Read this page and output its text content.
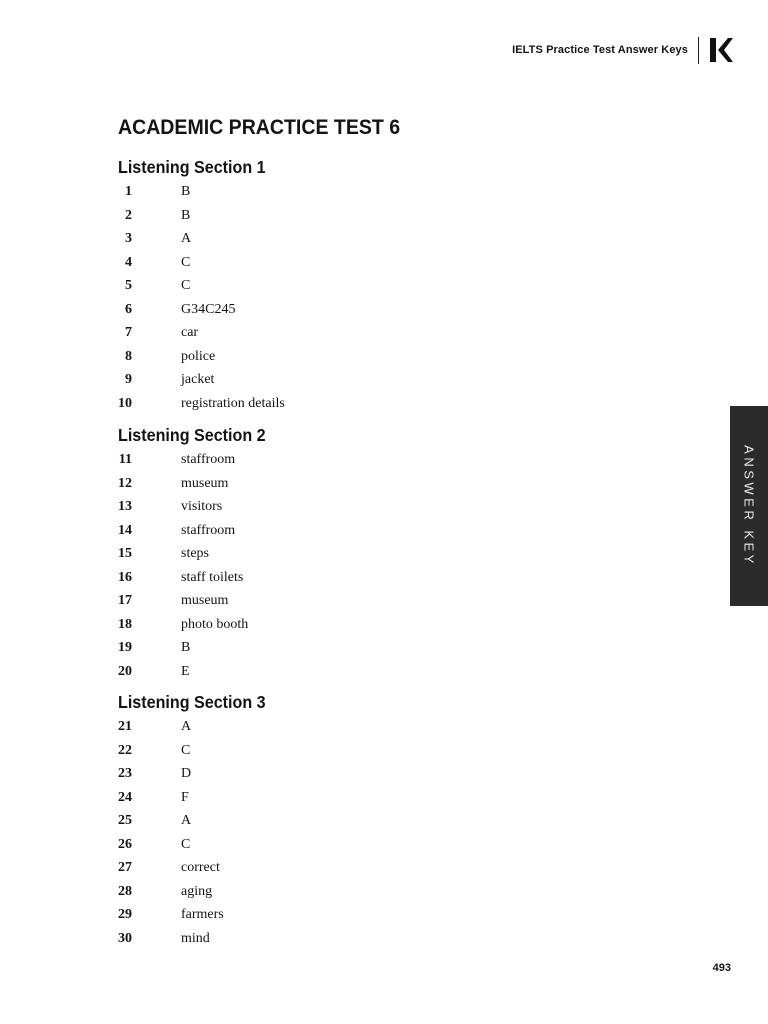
IELTS Practice Test Answer Keys
ACADEMIC PRACTICE TEST 6
Listening Section 1
1	B
2	B
3	A
4	C
5	C
6	G34C245
7	car
8	police
9	jacket
10	registration details
Listening Section 2
11	staffroom
12	museum
13	visitors
14	staffroom
15	steps
16	staff toilets
17	museum
18	photo booth
19	B
20	E
Listening Section 3
21	A
22	C
23	D
24	F
25	A
26	C
27	correct
28	aging
29	farmers
30	mind
ANSWER KEY
493
